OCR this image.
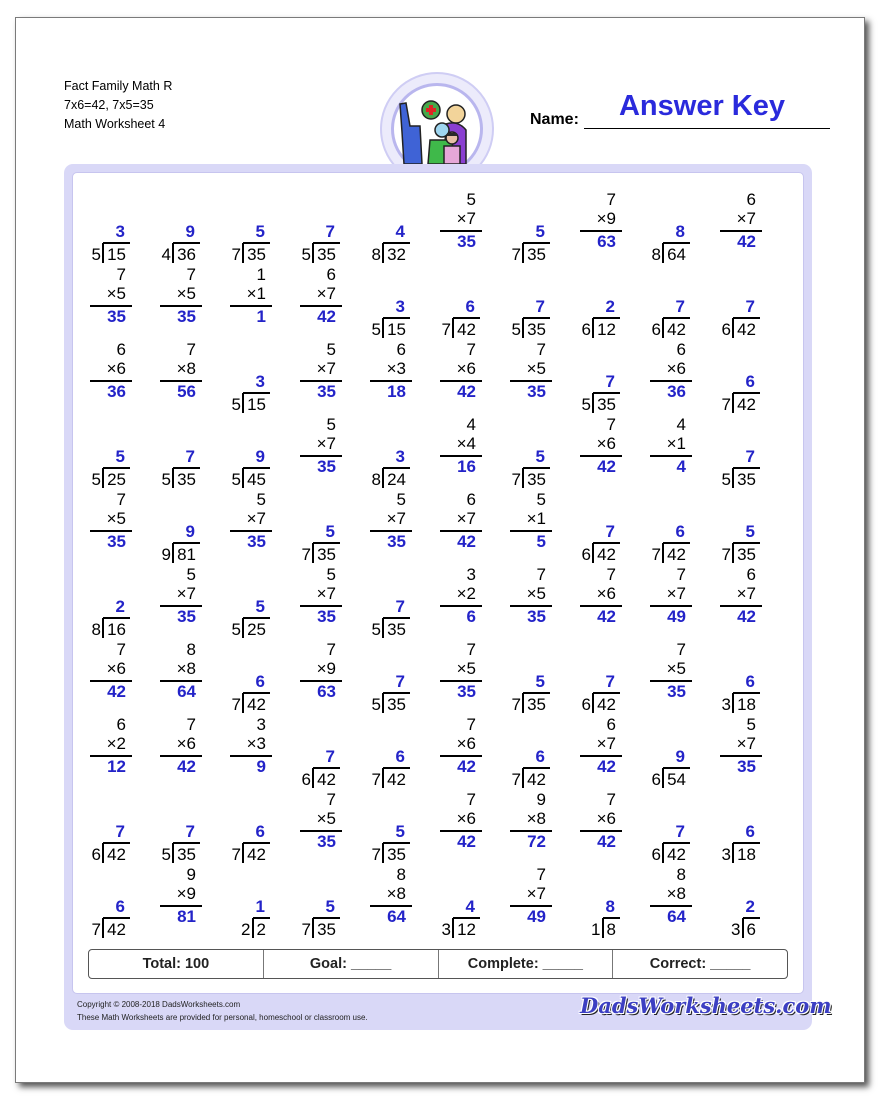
Fact Family Math R
7x6=42, 7x5=35
Math Worksheet 4
Answer Key
Name:
3
15
5
9
36
4
5
35
7
7
35
5
4
32
8
5
×7
35
5
35
7
7
×9
63
8
64
8
6
×7
42
7
×5
35
7
×5
35
1
×1
1
6
×7
42
3
15
5
6
42
7
7
35
5
2
12
6
7
42
6
7
42
6
6
×6
36
7
×8
56
3
15
5
5
×7
35
6
×3
18
7
×6
42
7
×5
35
7
35
5
6
×6
36
6
42
7
5
25
5
7
35
5
9
45
5
5
×7
35
3
24
8
4
×4
16
5
35
7
7
×6
42
4
×1
4
7
35
5
7
×5
35
9
81
9
5
×7
35
5
35
7
5
×7
35
6
×7
42
5
×1
5
7
42
6
6
42
7
5
35
7
2
16
8
5
×7
35
5
25
5
5
×7
35
7
35
5
3
×2
6
7
×5
35
7
×6
42
7
×7
49
6
×7
42
7
×6
42
8
×8
64
6
42
7
7
×9
63
7
35
5
7
×5
35
5
35
7
7
42
6
7
×5
35
6
18
3
6
×2
12
7
×6
42
3
×3
9
7
42
6
6
42
7
7
×6
42
6
42
7
6
×7
42
9
54
6
5
×7
35
7
42
6
7
35
5
6
42
7
7
×5
35
5
35
7
7
×6
42
9
×8
72
7
×6
42
7
42
6
6
18
3
6
42
7
9
×9
81
1
2
2
5
35
7
8
×8
64
4
12
3
7
×7
49
8
8
1
8
×8
64
2
6
3
Total: 100	Goal: _____	Complete: _____	Correct: _____
Copyright © 2008-2018 DadsWorksheets.com
These Math Worksheets are provided for personal, homeschool or classroom use.	DadsWorksheets.com
